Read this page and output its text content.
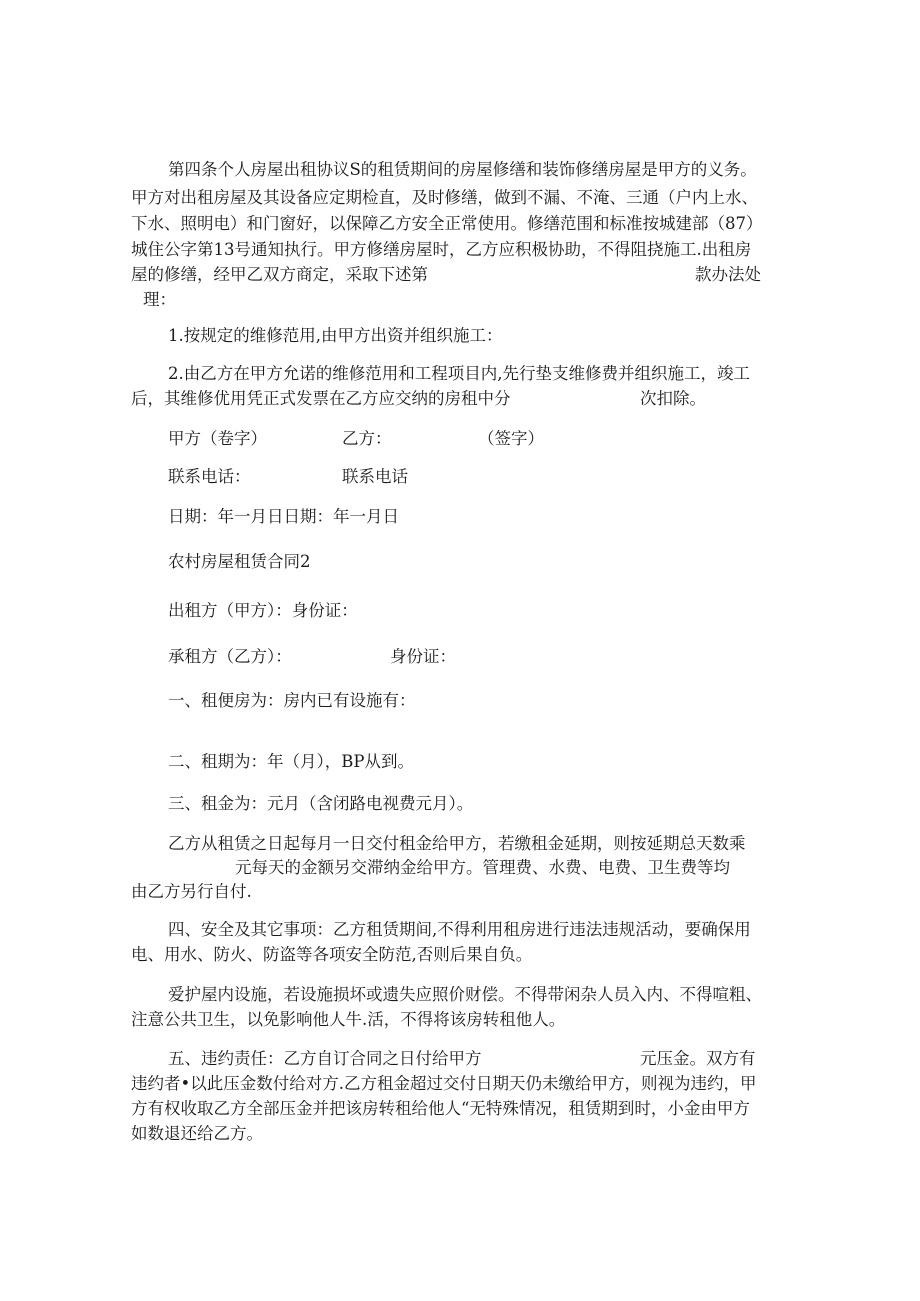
第四条个人房屋出租协议S的租赁期间的房屋修缮和装饰修缮房屋是甲方的义务。
甲方对出租房屋及其设备应定期检直，及时修缮，做到不漏、不淹、三通（户内上水、
下水、照明电）和门窗好，以保障乙方安全正常使用。修缮范围和标准按城建部（87）
城住公字第13号通知执行。甲方修缮房屋时，乙方应积极协助，不得阻挠施工.出租房
屋的修缮，经甲乙双方商定，采取下述第	款办法处
理：
1.按规定的维修范用,由甲方出资并组织施工：
2.由乙方在甲方允诺的维修范用和工程项目内,先行垫支维修费并组织施工，竣工
后，其维修优用凭正式发票在乙方应交纳的房租中分	次扣除。
甲方（卷字）	乙方：	（签字）
联系电话：	联系电话
日期：年一月日日期：年一月日
农村房屋租赁合同2
出租方（甲方）：身份证：
承租方（乙方）：	身份证：
一、租便房为：房内已有设施有：
二、租期为：年（月），BP从到。
三、租金为：元月（含闭路电视费元月）。
乙方从租赁之日起每月一日交付租金给甲方，若缴租金延期，则按延期总天数乘
元每天的金额另交滞纳金给甲方。管理费、水费、电费、卫生费等均
由乙方另行自付.
四、安全及其它事项：乙方租赁期间,不得利用租房进行违法违规活动，要确保用
电、用水、防火、防盗等各项安全防范,否则后果自负。
爱护屋内设施，若设施损坏或遗失应照价财偿。不得带闲杂人员入内、不得喧粗、
注意公共卫生，以免影响他人牛.活，不得将该房转租他人。
五、违约责任：乙方自订合同之日付给甲方	元压金。双方有
违约者•以此压金数付给对方.乙方租金超过交付日期天仍未缴给甲方，则视为违约，甲
方有权收取乙方全部压金并把该房转租给他人“无特殊情况，租赁期到时，小金由甲方
如数退还给乙方。
